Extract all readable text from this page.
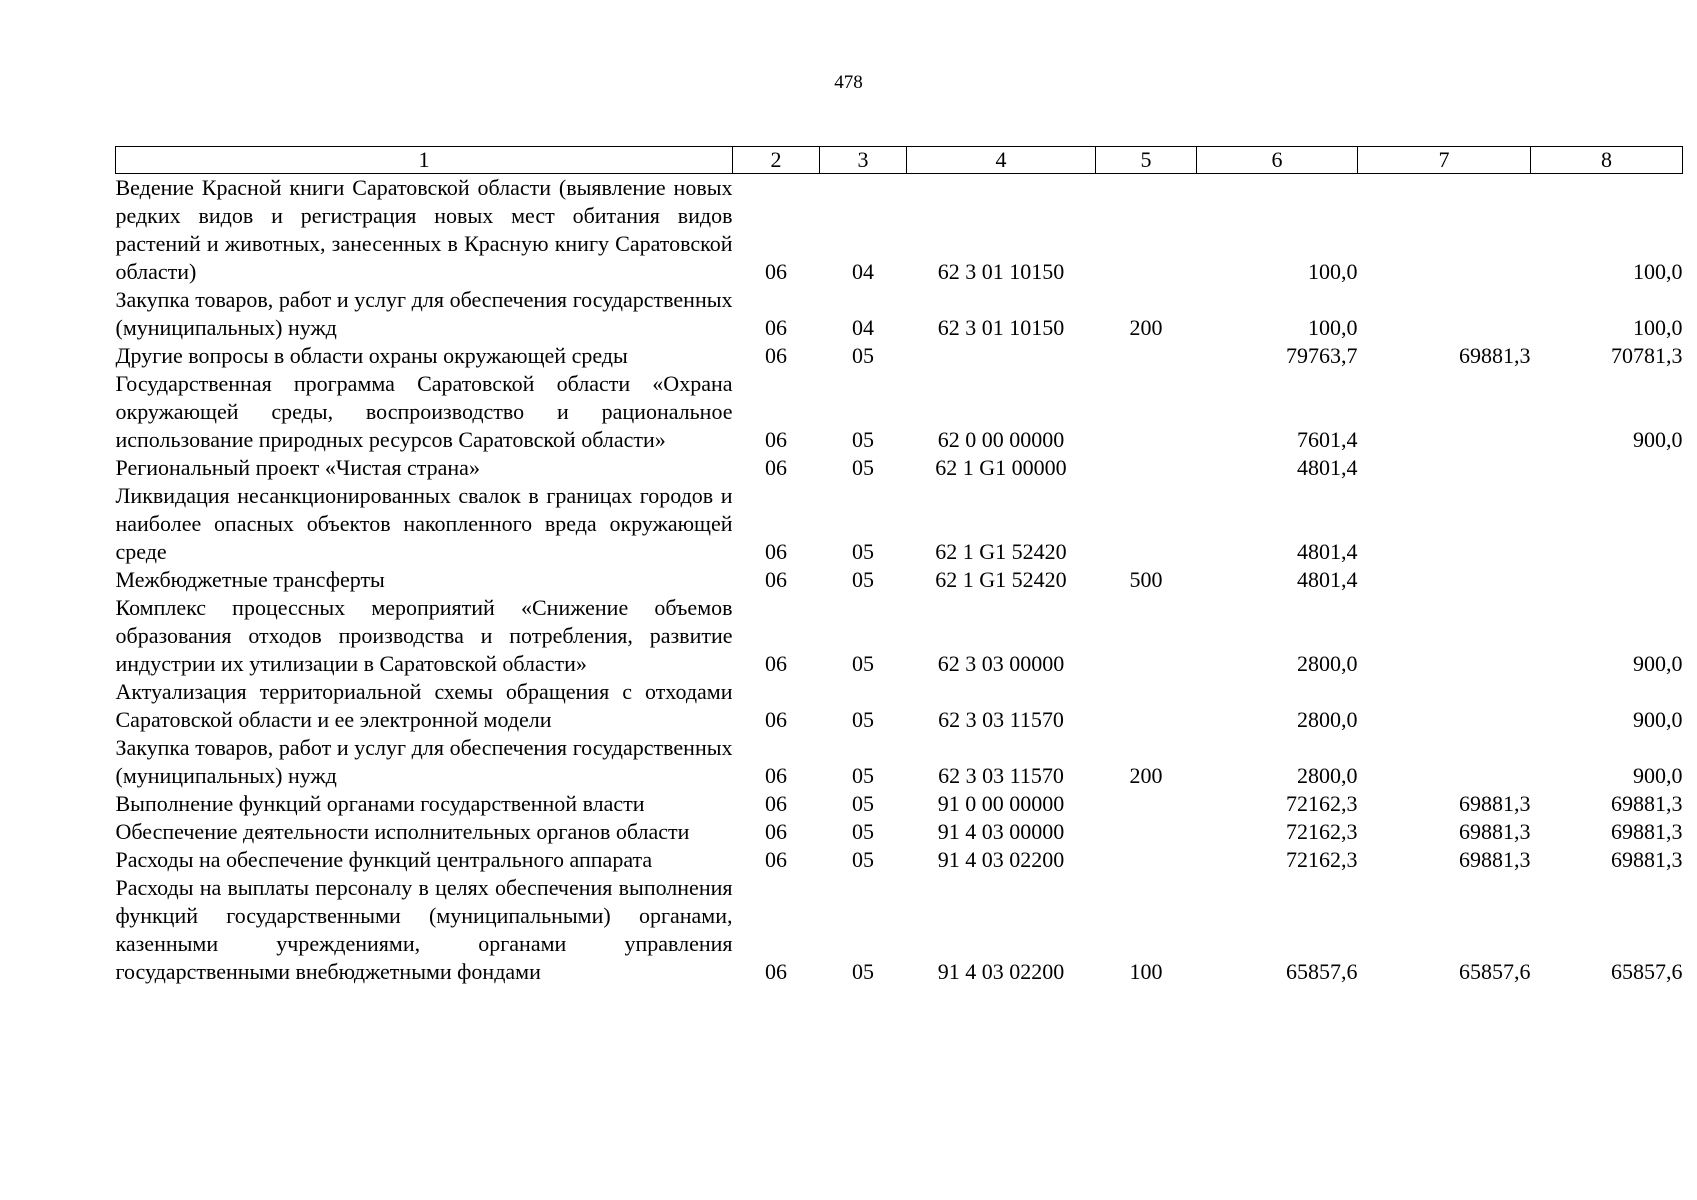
478
1	2	3	4	5	6	7	8

Ведение Красной книги Саратовской области (выявление новых редких видов и регистрация новых мест обитания видов растений и животных, занесенных в Красную книгу Саратовской области)	06	04	62 3 01 10150		100,0		100,0

Закупка товаров, работ и услуг для обеспечения государственных (муниципальных) нужд	06	04	62 3 01 10150	200	100,0		100,0

Другие вопросы в области охраны окружающей среды	06	05			79763,7	69881,3	70781,3

Государственная программа Саратовской области «Охрана окружающей среды, воспроизводство и рациональное использование природных ресурсов Саратовской области»	06	05	62 0 00 00000		7601,4		900,0

Региональный проект «Чистая страна»	06	05	62 1 G1 00000		4801,4		

Ликвидация несанкционированных свалок в границах городов и наиболее опасных объектов накопленного вреда окружающей среде	06	05	62 1 G1 52420		4801,4		

Межбюджетные трансферты	06	05	62 1 G1 52420	500	4801,4		

Комплекс процессных мероприятий «Снижение объемов образования отходов производства и потребления, развитие индустрии их утилизации в Саратовской области»	06	05	62 3 03 00000		2800,0		900,0

Актуализация территориальной схемы обращения с отходами Саратовской области и ее электронной модели	06	05	62 3 03 11570		2800,0		900,0

Закупка товаров, работ и услуг для обеспечения государственных (муниципальных) нужд	06	05	62 3 03 11570	200	2800,0		900,0

Выполнение функций органами государственной власти	06	05	91 0 00 00000		72162,3	69881,3	69881,3

Обеспечение деятельности исполнительных органов области	06	05	91 4 03 00000		72162,3	69881,3	69881,3

Расходы на обеспечение функций центрального аппарата	06	05	91 4 03 02200		72162,3	69881,3	69881,3

Расходы на выплаты персоналу в целях обеспечения выполнения функций государственными (муниципальными) органами, казенными учреждениями, органами управления государственными внебюджетными фондами	06	05	91 4 03 02200	100	65857,6	65857,6	65857,6
